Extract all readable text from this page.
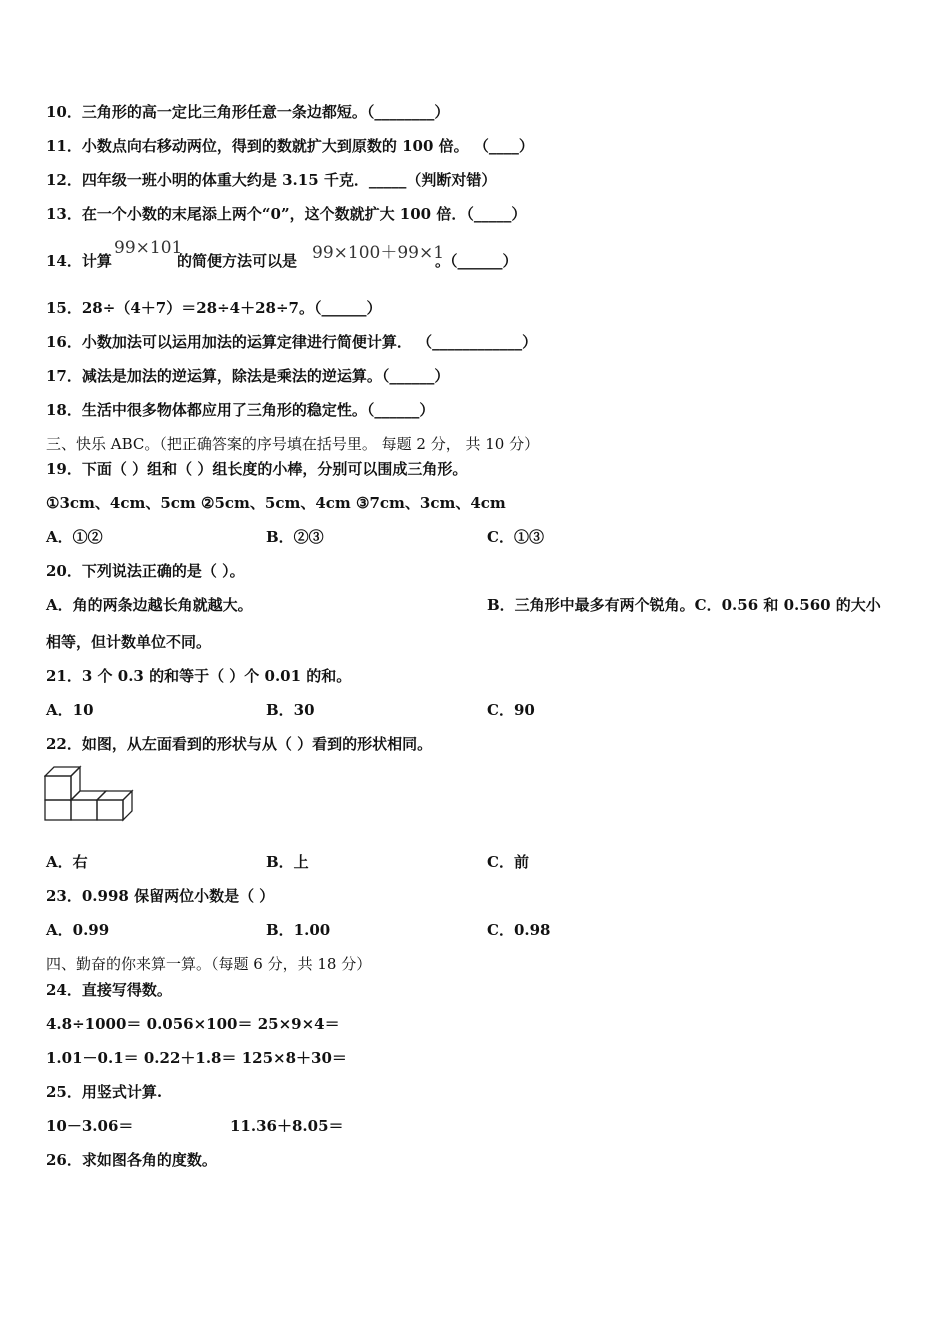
10．三角形的高一定比三角形任意一条边都短。（________）
11．小数点向右移动两位，得到的数就扩大到原数的 100 倍。 （____）
12．四年级一班小明的体重大约是 3.15 千克．_____（判断对错）
13．在一个小数的末尾添上两个“0”，这个数就扩大 100 倍．（_____）
14．计算
99×101
的简便方法可以是 99×100＋99×1
。（______）
15．28÷（4＋7）＝28÷4＋28÷7。（______）
16．小数加法可以运用加法的运算定律进行简便计算． （____________）
17．减法是加法的逆运算，除法是乘法的逆运算。（______）
18．生活中很多物体都应用了三角形的稳定性。（______）
三、快乐 ABC。（把正确答案的序号填在括号里。 每题 2 分， 共 10 分）
19．下面（ ）组和（ ）组长度的小棒，分别可以围成三角形。
①3cm、4cm、5cm ②5cm、5cm、4cm ③7cm、3cm、4cm
A．①②	B．②③	C．①③
20．下列说法正确的是（ ）。
A．角的两条边越长角就越大。	B．三角形中最多有两个锐角。C．0.56 和 0.560 的大小
相等，但计数单位不同。
21．3 个 0.3 的和等于（ ）个 0.01 的和。
A．10	B．30	C．90
22．如图，从左面看到的形状与从（ ）看到的形状相同。
A．右	B．上	C．前
23．0.998 保留两位小数是（ ）
A．0.99	B．1.00	C．0.98
四、勤奋的你来算一算。（每题 6 分，共 18 分）
24．直接写得数。
4.8÷1000＝ 0.056×100＝ 25×9×4＝
1.01－0.1＝ 0.22＋1.8＝ 125×8＋30＝
25．用竖式计算.
10－3.06＝	11.36＋8.05＝
26．求如图各角的度数。
